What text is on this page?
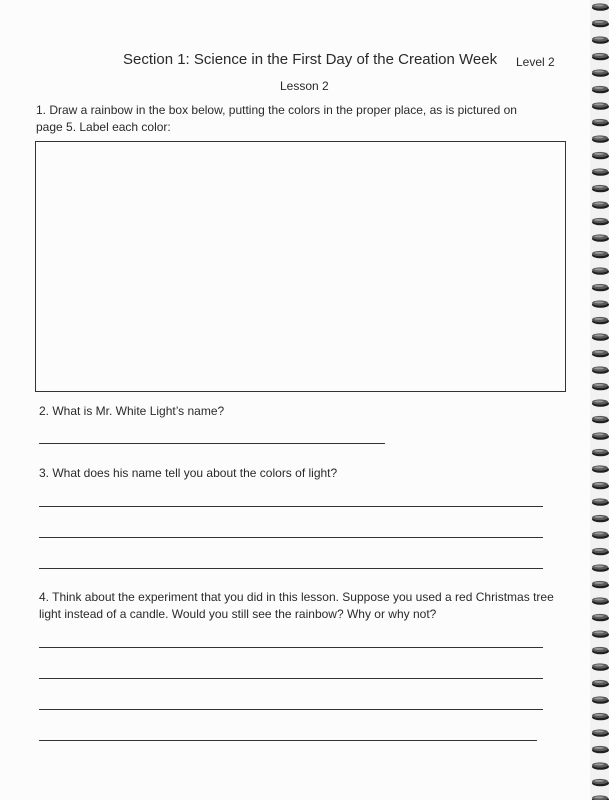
Section 1: Science in the First Day of the Creation Week Level 2
Lesson 2
1. Draw a rainbow in the box below, putting the colors in the proper place, as is pictured on
page 5. Label each color:
2. What is Mr. White Light’s name?
3. What does his name tell you about the colors of light?
4. Think about the experiment that you did in this lesson. Suppose you used a red Christmas tree
light instead of a candle. Would you still see the rainbow? Why or why not?
